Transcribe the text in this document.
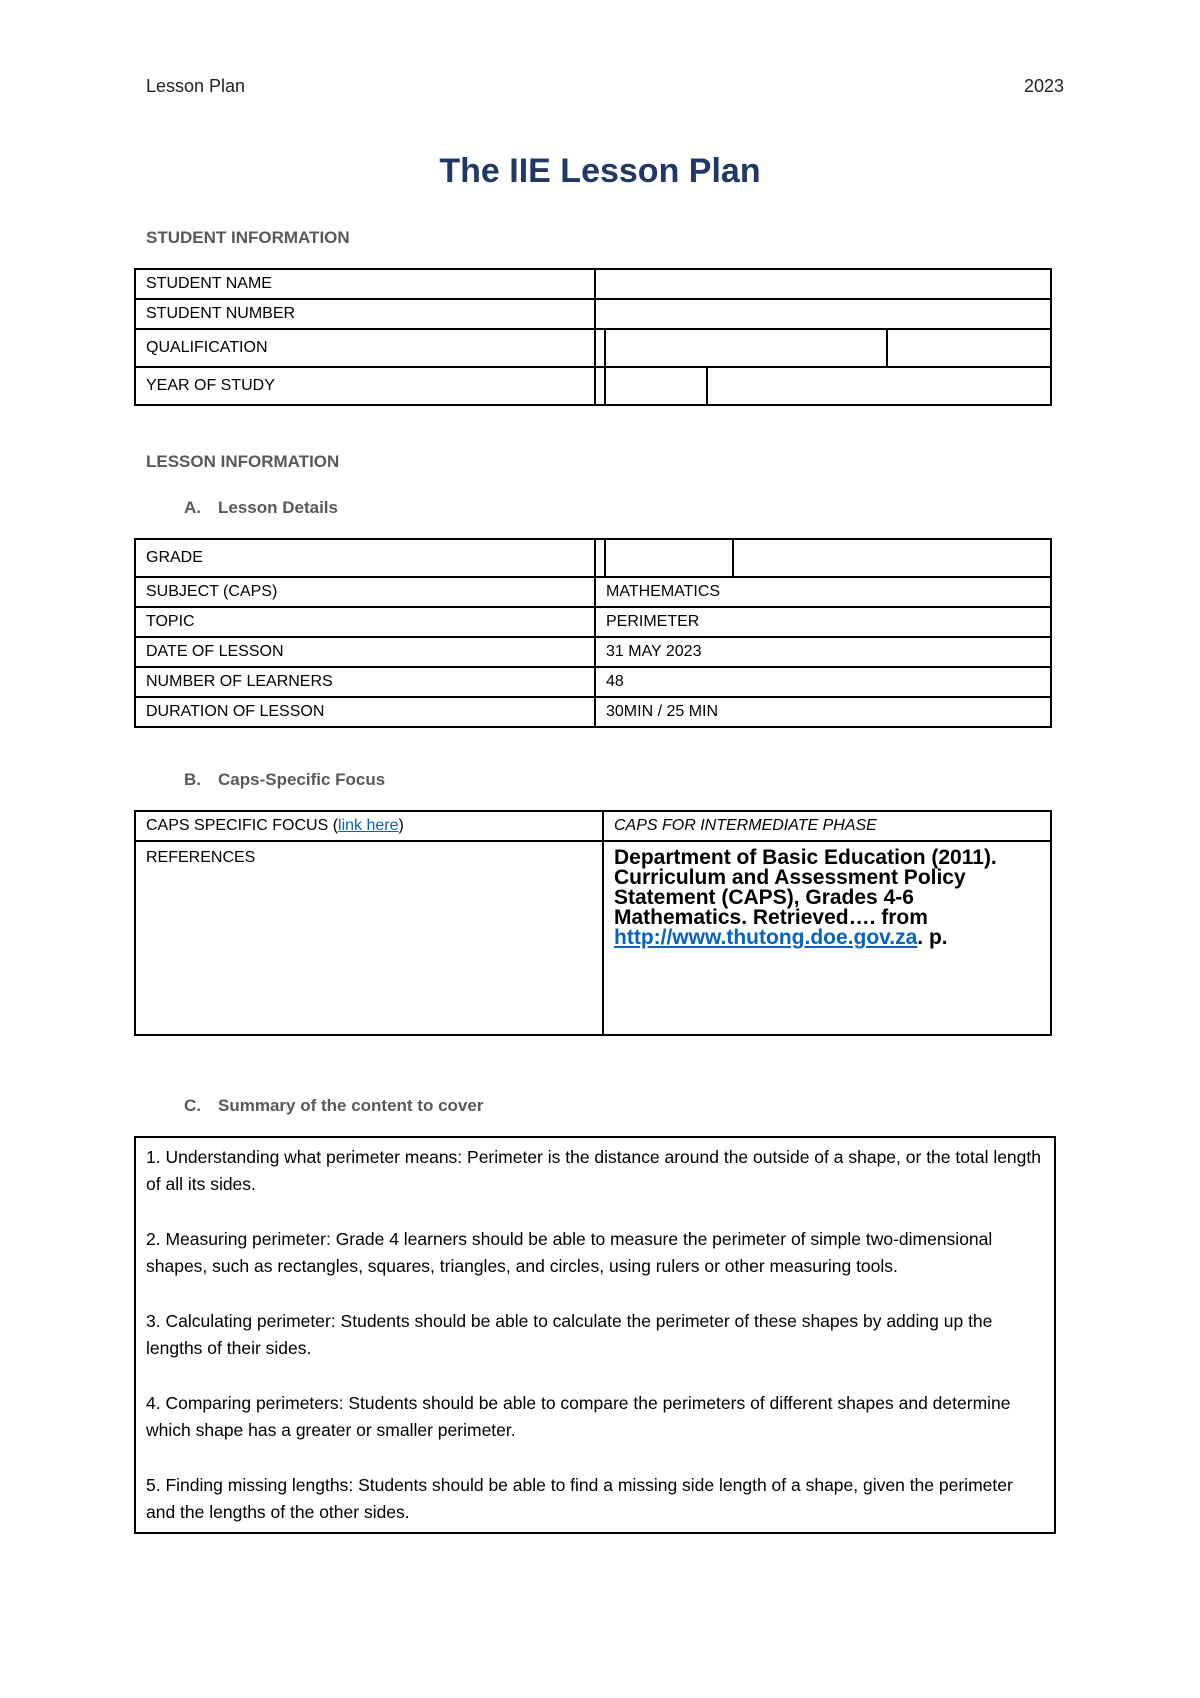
Lesson Plan	2023
The IIE Lesson Plan
STUDENT INFORMATION
STUDENT NAME	
STUDENT NUMBER	
QUALIFICATION	

YEAR OF STUDY	
LESSON INFORMATION
A. Lesson Details
GRADE	

SUBJECT (CAPS)	MATHEMATICS
TOPIC	PERIMETER
DATE OF LESSON	31 MAY 2023
NUMBER OF LEARNERS	48
DURATION OF LESSON	30MIN / 25 MIN
B. Caps-Specific Focus
CAPS SPECIFIC FOCUS (link here)	CAPS FOR INTERMEDIATE PHASE
REFERENCES	Department of Basic Education (2011). Curriculum and Assessment Policy Statement (CAPS), Grades 4-6 Mathematics. Retrieved…. from
http://www.thutong.doe.gov.za. p.
C. Summary of the content to cover

1. Understanding what perimeter means: Perimeter is the distance around the outside of a shape, or the total length of all its sides.

2. Measuring perimeter: Grade 4 learners should be able to measure the perimeter of simple two-dimensional shapes, such as rectangles, squares, triangles, and circles, using rulers or other measuring tools.

3. Calculating perimeter: Students should be able to calculate the perimeter of these shapes by adding up the lengths of their sides.

4. Comparing perimeters: Students should be able to compare the perimeters of different shapes and determine which shape has a greater or smaller perimeter.

5. Finding missing lengths: Students should be able to find a missing side length of a shape, given the perimeter and the lengths of the other sides.
